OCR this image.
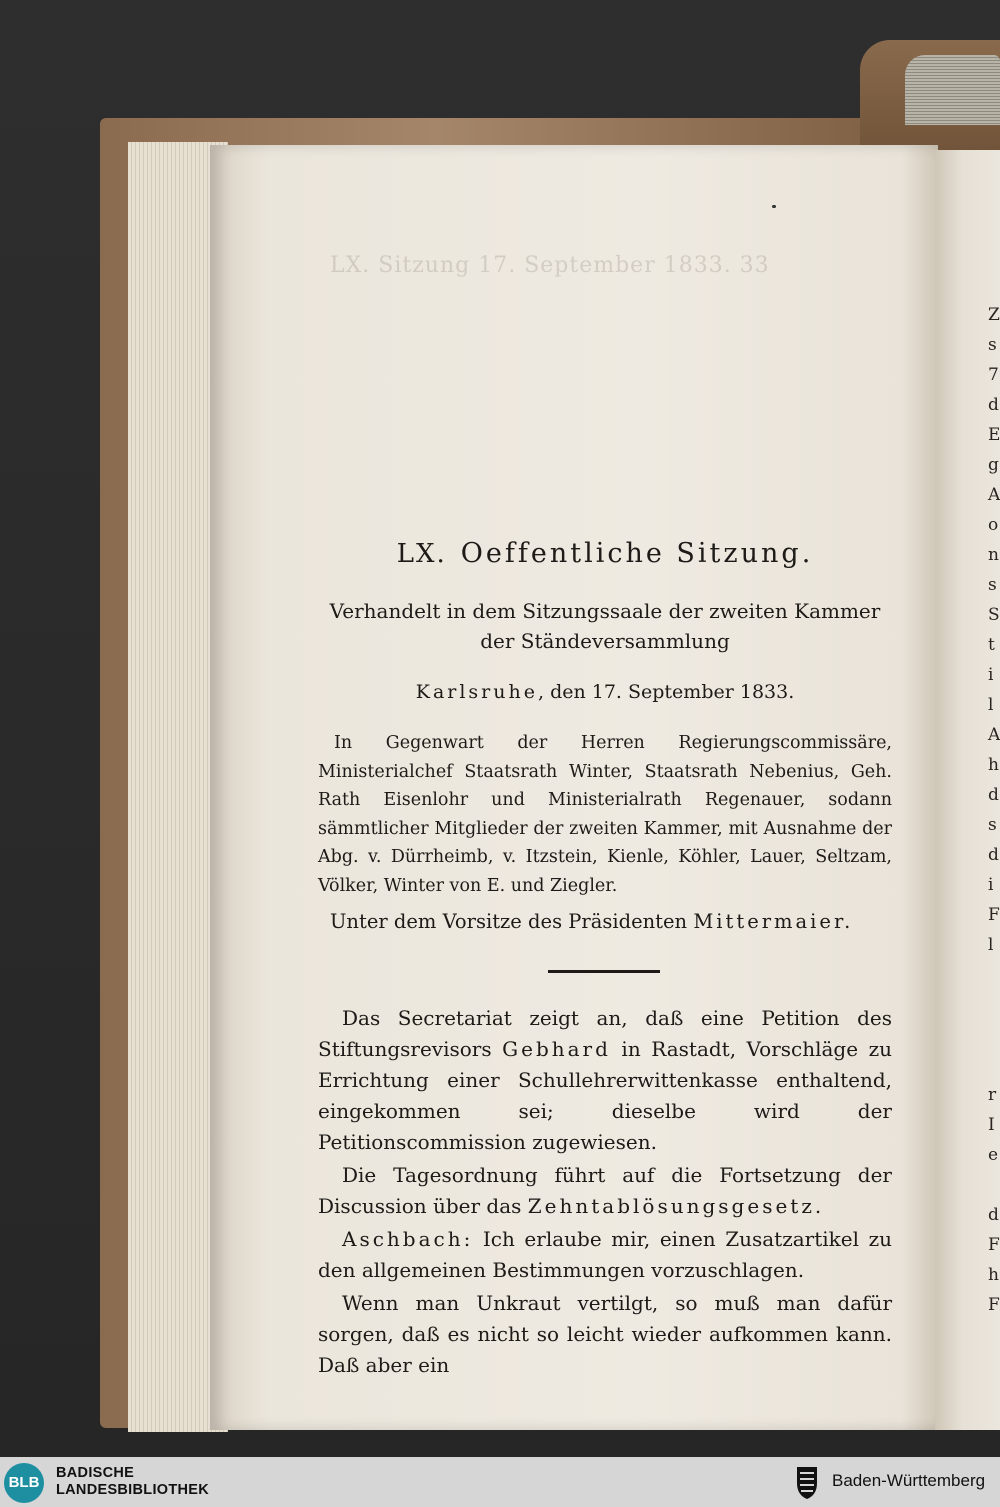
LX. Sitzung 17. September 1833. 33
LX. Oeffentliche Sitzung.
Verhandelt in dem Sitzungssaale der zweiten Kammer der Ständeversammlung
Karlsruhe, den 17. September 1833.
In Gegenwart der Herren Regierungscommissäre, Ministerialchef Staatsrath Winter, Staatsrath Nebenius, Geh. Rath Eisenlohr und Ministerialrath Regenauer, sodann sämmtlicher Mitglieder der zweiten Kammer, mit Ausnahme der Abg. v. Dürrheimb, v. Itzstein, Kienle, Köhler, Lauer, Seltzam, Völker, Winter von E. und Ziegler.
Unter dem Vorsitze des Präsidenten Mittermaier.

Das Secretariat zeigt an, daß eine Petition des Stiftungsrevisors Gebhard in Rastadt, Vorschläge zu Errichtung einer Schullehrerwittenkasse enthaltend, eingekommen sei; dieselbe wird der Petitionscommission zugewiesen.

Die Tagesordnung führt auf die Fortsetzung der Discussion über das Zehntablösungsgesetz.

Aschbach: Ich erlaube mir, einen Zusatzartikel zu den allgemeinen Bestimmungen vorzuschlagen.

Wenn man Unkraut vertilgt, so muß man dafür sorgen, daß es nicht so leicht wieder aufkommen kann. Daß aber ein

Z
s
7
d
E
g
A
o
n
s
S
t
i
l
A
h
d
s
d
i
F
l

r
I
e

d
F
h
F
BLB
BADISCHE
LANDESBIBLIOTHEK	Baden-Württemberg
